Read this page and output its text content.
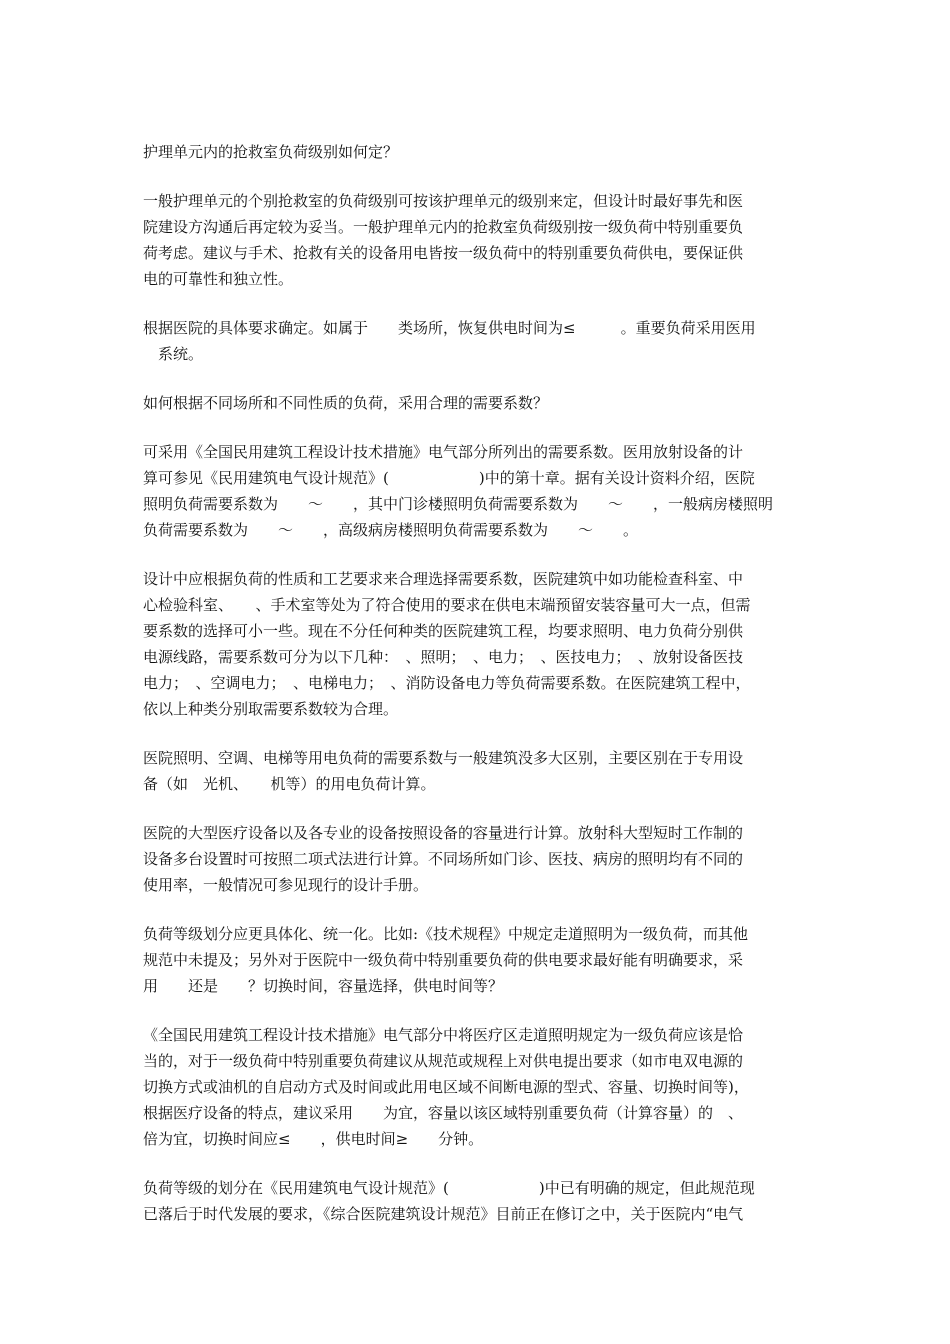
护理单元内的抢救室负荷级别如何定？

一般护理单元的个别抢救室的负荷级别可按该护理单元的级别来定，但设计时最好事先和医
院建设方沟通后再定较为妥当。一般护理单元内的抢救室负荷级别按一级负荷中特别重要负
荷考虑。建议与手术、抢救有关的设备用电皆按一级负荷中的特别重要负荷供电，要保证供
电的可靠性和独立性。

根据医院的具体要求确定。如属于　　类场所，恢复供电时间为≤　　　。重要负荷采用医用
　系统。

如何根据不同场所和不同性质的负荷，采用合理的需要系数？

可采用《全国民用建筑工程设计技术措施》电气部分所列出的需要系数。医用放射设备的计
算可参见《民用建筑电气设计规范》(　　　　　　)中的第十章。据有关设计资料介绍，医院
照明负荷需要系数为　　～　　，其中门诊楼照明负荷需要系数为　　～　　，一般病房楼照明
负荷需要系数为　　～　　，高级病房楼照明负荷需要系数为　　～　　。

设计中应根据负荷的性质和工艺要求来合理选择需要系数，医院建筑中如功能检查科室、中
心检验科室、　　、手术室等处为了符合使用的要求在供电末端预留安装容量可大一点，但需
要系数的选择可小一些。现在不分任何种类的医院建筑工程，均要求照明、电力负荷分别供
电源线路，需要系数可分为以下几种：　、照明；　、电力；　、医技电力；　、放射设备医技
电力；　、空调电力；　、电梯电力；　、消防设备电力等负荷需要系数。在医院建筑工程中，
依以上种类分别取需要系数较为合理。

医院照明、空调、电梯等用电负荷的需要系数与一般建筑没多大区别，主要区别在于专用设
备（如　光机、　　机等）的用电负荷计算。

医院的大型医疗设备以及各专业的设备按照设备的容量进行计算。放射科大型短时工作制的
设备多台设置时可按照二项式法进行计算。不同场所如门诊、医技、病房的照明均有不同的
使用率，一般情况可参见现行的设计手册。

负荷等级划分应更具体化、统一化。比如:《技术规程》中规定走道照明为一级负荷，而其他
规范中未提及；另外对于医院中一级负荷中特别重要负荷的供电要求最好能有明确要求，采
用　　还是　　？切换时间，容量选择，供电时间等？

《全国民用建筑工程设计技术措施》电气部分中将医疗区走道照明规定为一级负荷应该是恰
当的，对于一级负荷中特别重要负荷建议从规范或规程上对供电提出要求（如市电双电源的
切换方式或油机的自启动方式及时间或此用电区域不间断电源的型式、容量、切换时间等)，
根据医疗设备的特点，建议采用　　为宜，容量以该区域特别重要负荷（计算容量）的　、
倍为宜，切换时间应≤　　，供电时间≥　　分钟。

负荷等级的划分在《民用建筑电气设计规范》(　　　　　　)中已有明确的规定，但此规范现
已落后于时代发展的要求，《综合医院建筑设计规范》目前正在修订之中，关于医院内“电气
